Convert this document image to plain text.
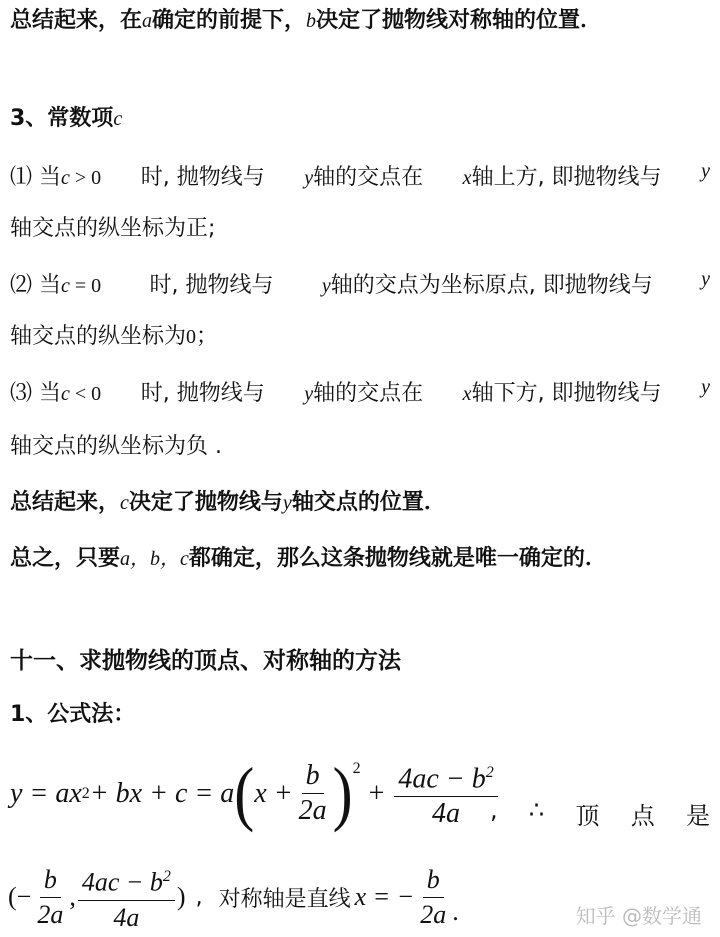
总结起来，在a确定的前提下，b决定了抛物线对称轴的位置．
3、常数项c
⑴ 当c > 0 时, 抛物线与 y轴的交点在 x轴上方, 即抛物线与 y
轴交点的纵坐标为正;
⑵ 当c = 0 时, 抛物线与 y轴的交点为坐标原点, 即抛物线与 y
轴交点的纵坐标为0；
⑶ 当c < 0 时, 抛物线与 y轴的交点在 x轴下方, 即抛物线与 y
轴交点的纵坐标为负 .
总结起来，c决定了抛物线与y轴交点的位置．
总之，只要a，b，c都确定，那么这条抛物线就是唯一确定的．
十一、求抛物线的顶点、对称轴的方法
1、公式法：
y = ax 2 + bx + c = a ( $x + \frac{b}{2a} )^2$
+ $\frac{4ac - b^2}{4a}$
, ∴ 顶 点 是
(− $\frac{b}{2a}$ , $\frac{4ac - b^2}{4a}$ ) , 对称轴是直线 x = − $\frac{b}{2a}$ .	知乎 @数学通
